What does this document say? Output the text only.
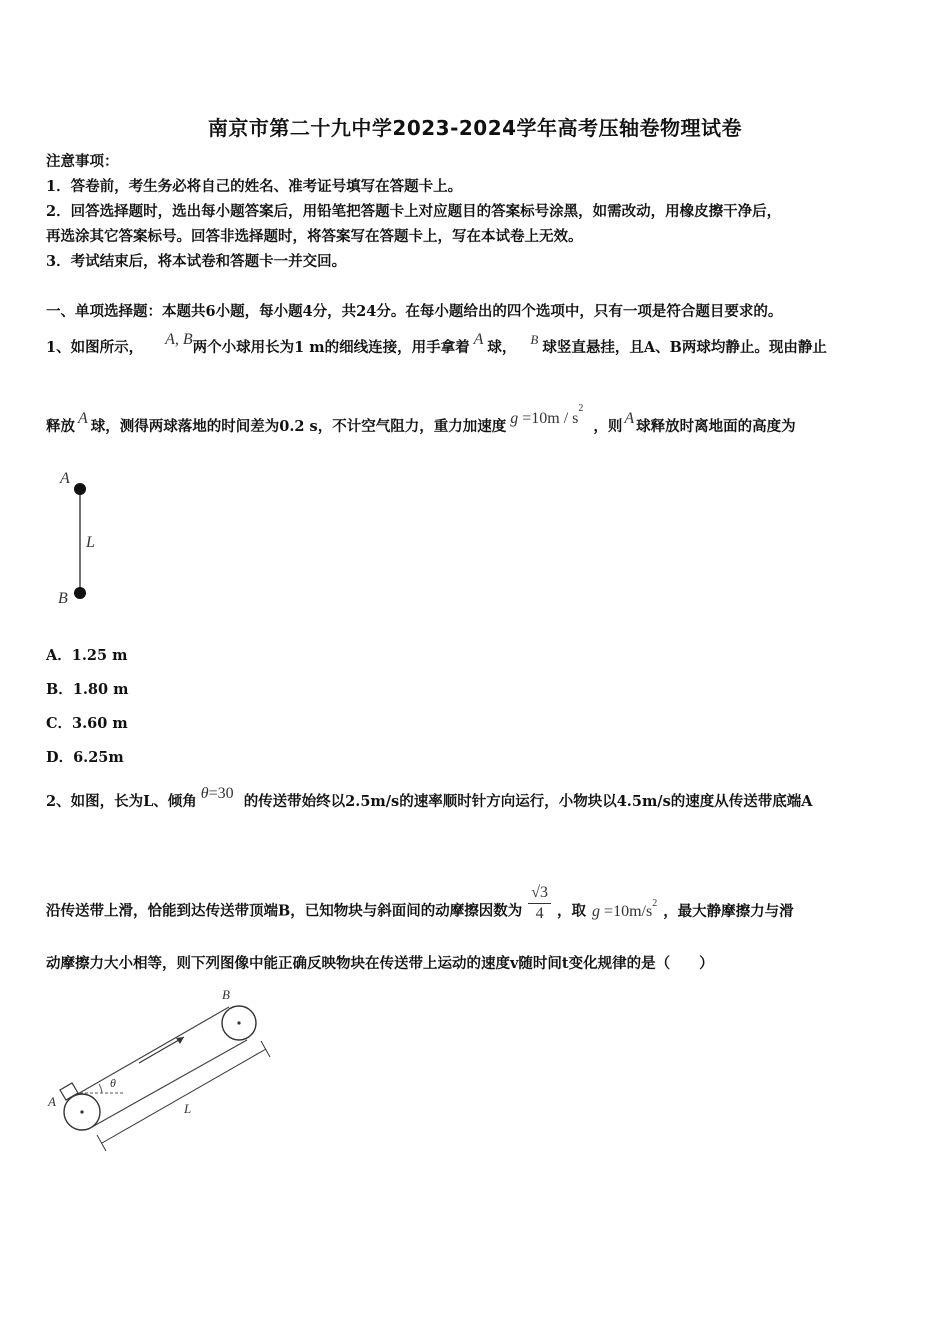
南京市第二十九中学2023-2024学年高考压轴卷物理试卷
注意事项：
1．答卷前，考生务必将自己的姓名、准考证号填写在答题卡上。
2．回答选择题时，选出每小题答案后，用铅笔把答题卡上对应题目的答案标号涂黑，如需改动，用橡皮擦干净后，
再选涂其它答案标号。回答非选择题时，将答案写在答题卡上，写在本试卷上无效。
3．考试结束后，将本试卷和答题卡一并交回。
一、单项选择题：本题共6小题，每小题4分，共24分。在每小题给出的四个选项中，只有一项是符合题目要求的。
1、如图所示， A, B两个小球用长为1 m的细线连接，用手拿着 A 球， B 球竖直悬挂，且A、B两球均静止。现由静止
释放 A 球，测得两球落地的时间差为0.2 s，不计空气阻力，重力加速度 $g =10m / s^2$，则 A 球释放时离地面的高度为
A
L
B
A．1.25 m
B．1.80 m
C．3.60 m
D．6.25m
2、如图，长为L、倾角 θ=30 的传送带始终以2.5m/s的速率顺时针方向运行，小物块以4.5m/s的速度从传送带底端A
沿传送带上滑，恰能到达传送带顶端B，已知物块与斜面间的动摩擦因数为 $\frac{√3}{4}$ ，取 $g =10m/s^2$ ，最大静摩擦力与滑
动摩擦力大小相等，则下列图像中能正确反映物块在传送带上运动的速度v随时间t变化规律的是（　　）
θ
L
A
B
